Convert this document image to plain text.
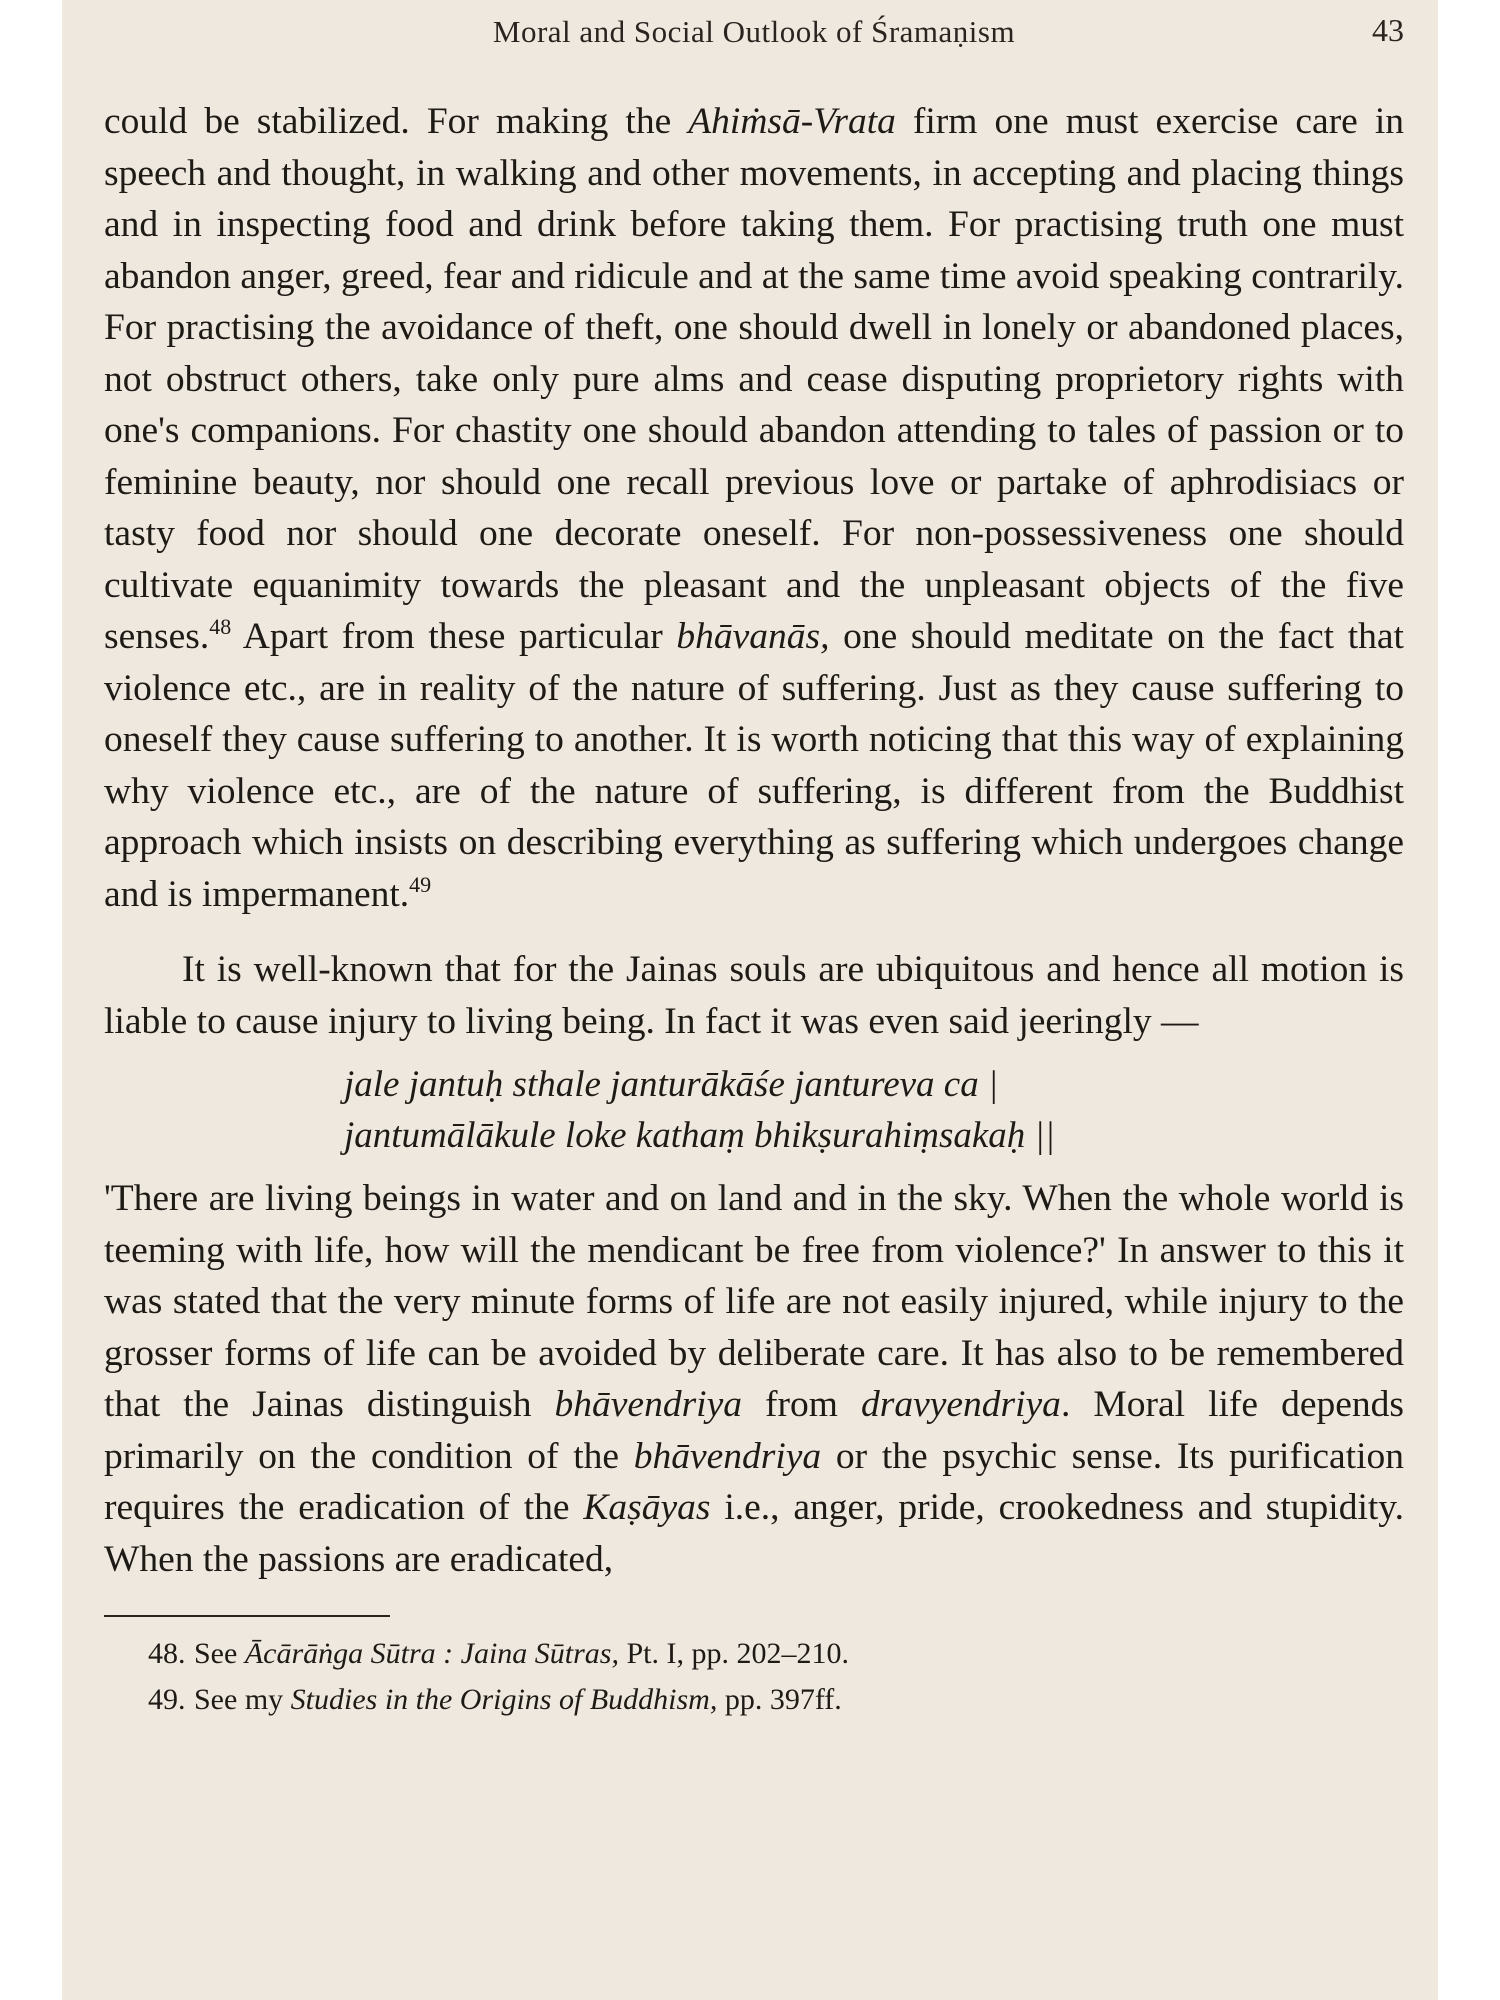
Moral and Social Outlook of Śramaṇism	43

could be stabilized. For making the Ahiṁsā-Vrata firm one must exercise care in speech and thought, in walking and other movements, in accepting and placing things and in inspecting food and drink before taking them. For practising truth one must abandon anger, greed, fear and ridicule and at the same time avoid speaking contrarily. For practising the avoidance of theft, one should dwell in lonely or abandoned places, not obstruct others, take only pure alms and cease disputing proprietory rights with one's companions. For chastity one should abandon attending to tales of passion or to feminine beauty, nor should one recall previous love or partake of aphrodisiacs or tasty food nor should one decorate oneself. For non-possessiveness one should cultivate equanimity towards the pleasant and the unpleasant objects of the five senses.$^{48}$ Apart from these particular bhāvanās, one should meditate on the fact that violence etc., are in reality of the nature of suffering. Just as they cause suffering to oneself they cause suffering to another. It is worth noticing that this way of explaining why violence etc., are of the nature of suffering, is different from the Buddhist approach which insists on describing everything as suffering which undergoes change and is impermanent.$^{49}$

It is well-known that for the Jainas souls are ubiquitous and hence all motion is liable to cause injury to living being. In fact it was even said jeeringly —

jale jantuḥ sthale janturākāśe jantureva ca |
jantumālākule loke kathaṃ bhikṣurahiṃsakaḥ ||

'There are living beings in water and on land and in the sky. When the whole world is teeming with life, how will the mendicant be free from violence?' In answer to this it was stated that the very minute forms of life are not easily injured, while injury to the grosser forms of life can be avoided by deliberate care. It has also to be remembered that the Jainas distinguish bhāvendriya from dravyendriya. Moral life depends primarily on the condition of the bhāvendriya or the psychic sense. Its purification requires the eradication of the Kaṣāyas i.e., anger, pride, crookedness and stupidity. When the passions are eradicated,

48. See Ācārāṅga Sūtra : Jaina Sūtras, Pt. I, pp. 202–210.
49. See my Studies in the Origins of Buddhism, pp. 397ff.
